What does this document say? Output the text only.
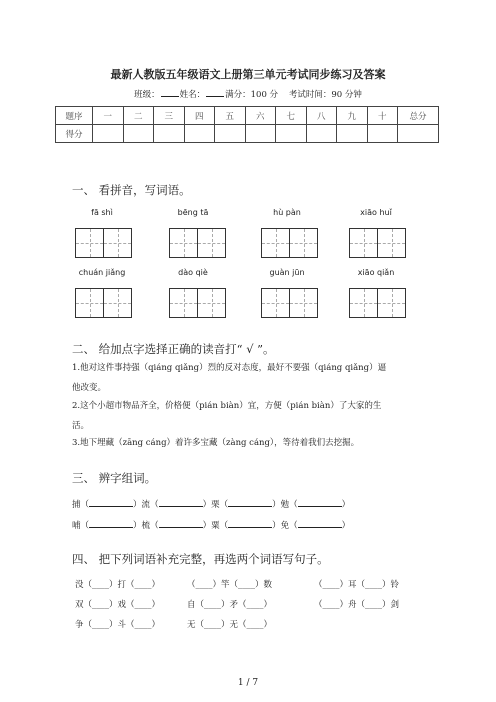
最新人教版五年级语文上册第三单元考试同步练习及答案
班级： 姓名： 满分：100 分 考试时间：90 分钟
题序	一	二	三	四	五	六	七	八	九	十	总分
得分											
一、 看拼音，写词语。
fā shì	bēng tā	hù pàn	xiāo huǐ
chuán jiǎng	dào qiè	guàn jūn	xiāo qiǎn
二、 给加点字选择正确的读音打“ √ ”。
1.他对这件事持强（qiáng qiǎng）烈的反对态度，最好不要强（qiáng qiǎng）逼
他改变。
2.这个小超市物品齐全，价格便（pián biàn）宜，方便（pián biàn）了大家的生
活。
3.地下埋藏（zāng cáng）着许多宝藏（zàng cáng），等待着我们去挖掘。
三、 辨字组词。
捕（	）流（	）栗（	）勉（	）
哺（	）梳（	）粟（	）免（	）
四、 把下列词语补充完整，再选两个词语写句子。
没（____）打（____）	（____）竿（____）数	（____）耳（____）铃
双（____）戏（____）	自（____）矛（____）	（____）舟（____）剑
争（____）斗（____）	无（____）无（____）
1 / 7
